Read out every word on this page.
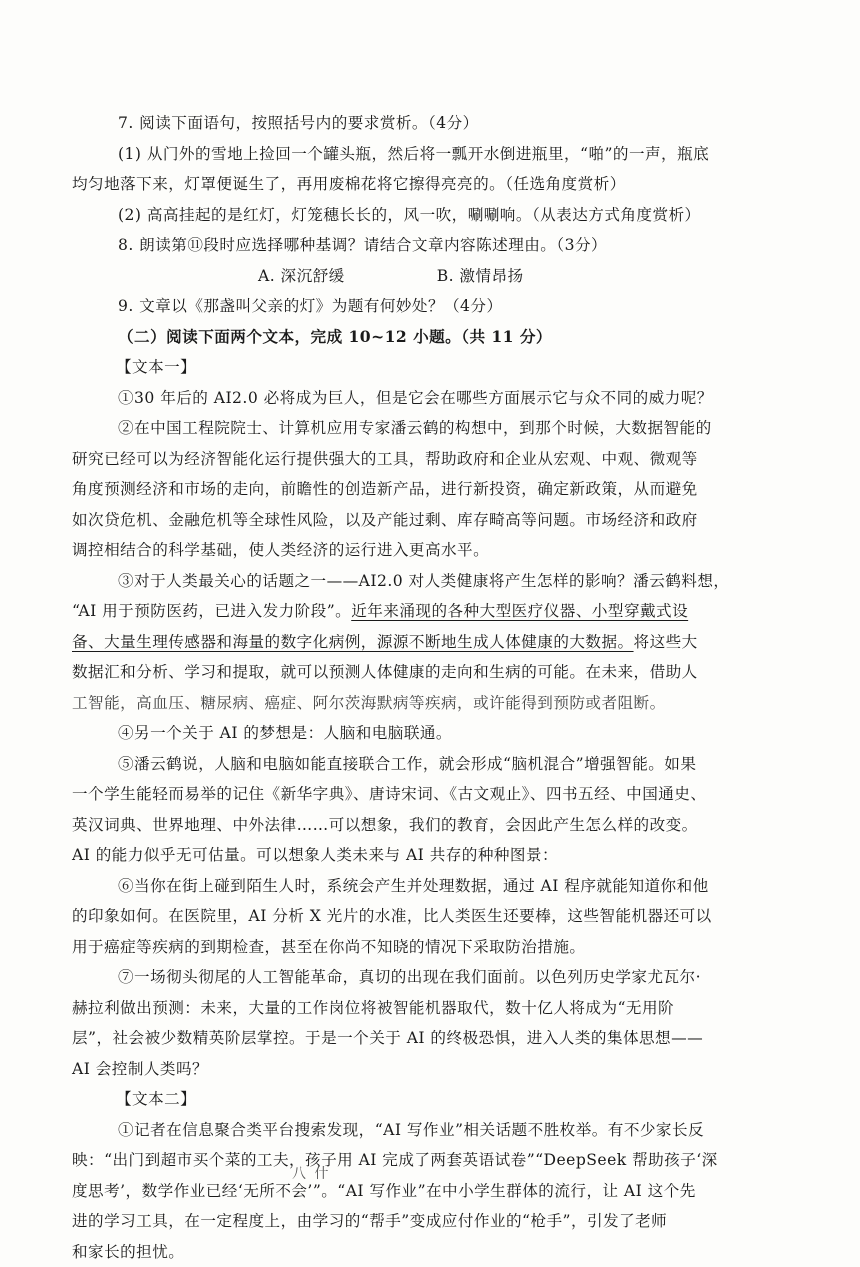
7. 阅读下面语句，按照括号内的要求赏析。（4分）
(1) 从门外的雪地上捡回一个罐头瓶，然后将一瓢开水倒进瓶里，“啪”的一声，瓶底
均匀地落下来，灯罩便诞生了，再用废棉花将它擦得亮亮的。（任选角度赏析）
(2) 高高挂起的是红灯，灯笼穗长长的，风一吹，唰唰响。（从表达方式角度赏析）
8. 朗读第⑪段时应选择哪种基调？请结合文章内容陈述理由。（3分）
A. 深沉舒缓	B. 激情昂扬
9. 文章以《那盏叫父亲的灯》为题有何妙处？（4分）
（二）阅读下面两个文本，完成 10~12 小题。（共 11 分）
【文本一】
①30 年后的 AI2.0 必将成为巨人，但是它会在哪些方面展示它与众不同的威力呢？
②在中国工程院院士、计算机应用专家潘云鹤的构想中，到那个时候，大数据智能的
研究已经可以为经济智能化运行提供强大的工具，帮助政府和企业从宏观、中观、微观等
角度预测经济和市场的走向，前瞻性的创造新产品，进行新投资，确定新政策，从而避免
如次贷危机、金融危机等全球性风险，以及产能过剩、库存畸高等问题。市场经济和政府
调控相结合的科学基础，使人类经济的运行进入更高水平。
③对于人类最关心的话题之一——AI2.0 对人类健康将产生怎样的影响？潘云鹤料想，
“AI 用于预防医药，已进入发力阶段”。近年来涌现的各种大型医疗仪器、小型穿戴式设
备、大量生理传感器和海量的数字化病例，源源不断地生成人体健康的大数据。将这些大
数据汇和分析、学习和提取，就可以预测人体健康的走向和生病的可能。在未来，借助人
工智能，高血压、糖尿病、癌症、阿尔茨海默病等疾病，或许能得到预防或者阻断。
④另一个关于 AI 的梦想是：人脑和电脑联通。
⑤潘云鹤说，人脑和电脑如能直接联合工作，就会形成“脑机混合”增强智能。如果
一个学生能轻而易举的记住《新华字典》、唐诗宋词、《古文观止》、四书五经、中国通史、
英汉词典、世界地理、中外法律……可以想象，我们的教育，会因此产生怎么样的改变。
AI 的能力似乎无可估量。可以想象人类未来与 AI 共存的种种图景：
⑥当你在街上碰到陌生人时，系统会产生并处理数据，通过 AI 程序就能知道你和他
的印象如何。在医院里，AI 分析 X 光片的水准，比人类医生还要棒，这些智能机器还可以
用于癌症等疾病的到期检查，甚至在你尚不知晓的情况下采取防治措施。
⑦一场彻头彻尾的人工智能革命，真切的出现在我们面前。以色列历史学家尤瓦尔·
赫拉利做出预测：未来，大量的工作岗位将被智能机器取代，数十亿人将成为“无用阶
层”，社会被少数精英阶层掌控。于是一个关于 AI 的终极恐惧，进入人类的集体思想——
AI 会控制人类吗？
【文本二】
①记者在信息聚合类平台搜索发现，“AI 写作业”相关话题不胜枚举。有不少家长反
映：“出门到超市买个菜的工夫，孩子用 AI 完成了两套英语试卷”“DeepSeek 帮助孩子‘深
度思考’，数学作业已经‘无所不会’”。“AI 写作业”在中小学生群体的流行，让 AI 这个先
进的学习工具，在一定程度上，由学习的“帮手”变成应付作业的“枪手”，引发了老师
和家长的担忧。
八 什
